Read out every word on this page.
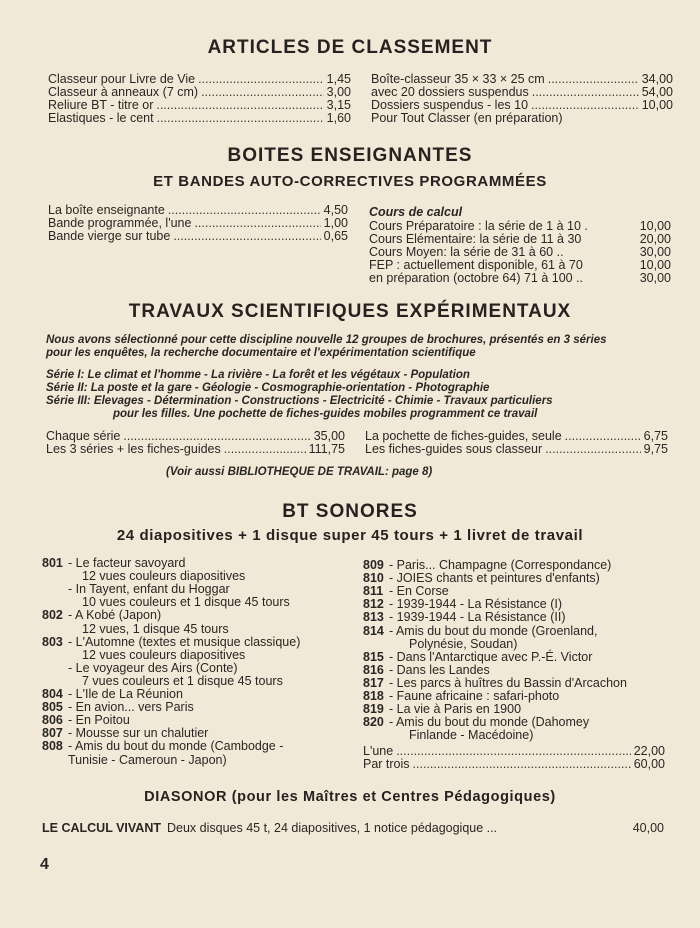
ARTICLES DE CLASSEMENT
Classeur pour Livre de Vie .....	1,45
Classeur à anneaux (7 cm) .....	3,00
Reliure BT - titre or .....	3,15
Elastiques - le cent .....	1,60
Boîte-classeur 35 × 33 × 25 cm .....	34,00
avec 20 dossiers suspendus .....	54,00
Dossiers suspendus - les 10 .....	10,00
Pour Tout Classer (en préparation)
BOITES ENSEIGNANTES
ET BANDES AUTO-CORRECTIVES PROGRAMMÉES
La boîte enseignante .....	4,50
Bande programmée, l'une .....	1,00
Bande vierge sur tube .....	0,65
Cours de calcul
Cours Préparatoire : la série de 1 à 10 .	10,00
Cours Elémentaire: la série de 11 à 30	20,00
Cours Moyen: la série de 31 à 60 ..	30,00
FEP : actuellement disponible, 61 à 70	10,00
en préparation (octobre 64) 71 à 100 ..	30,00
TRAVAUX SCIENTIFIQUES EXPÉRIMENTAUX
Nous avons sélectionné pour cette discipline nouvelle 12 groupes de brochures, présentés en 3 séries
pour les enquêtes, la recherche documentaire et l'expérimentation scientifique
Série I: Le climat et l'homme - La rivière - La forêt et les végétaux - Population
Série II: La poste et la gare - Géologie - Cosmographie-orientation - Photographie
Série III: Elevages - Détermination - Constructions - Electricité - Chimie - Travaux particuliers
pour les filles. Une pochette de fiches-guides mobiles programment ce travail
Chaque série .....	35,00
Les 3 séries + les fiches-guides .....	111,75
La pochette de fiches-guides, seule .....	6,75
Les fiches-guides sous classeur .....	9,75
(Voir aussi BIBLIOTHEQUE DE TRAVAIL: page 8)
BT SONORES
24 diapositives + 1 disque super 45 tours + 1 livret de travail
801 - Le facteur savoyard
12 vues couleurs diapositives
- In Tayent, enfant du Hoggar
10 vues couleurs et 1 disque 45 tours
802 - A Kobé (Japon)
12 vues, 1 disque 45 tours
803 - L'Automne (textes et musique classique)
12 vues couleurs diapositives
- Le voyageur des Airs (Conte)
7 vues couleurs et 1 disque 45 tours
804 - L'Ile de La Réunion
805 - En avion... vers Paris
806 - En Poitou
807 - Mousse sur un chalutier
808 - Amis du bout du monde (Cambodge -
Tunisie - Cameroun - Japon)
809 - Paris... Champagne (Correspondance)
810 - JOIES chants et peintures d'enfants)
811 - En Corse
812 - 1939-1944 - La Résistance (I)
813 - 1939-1944 - La Résistance (II)
814 - Amis du bout du monde (Groenland,
Polynésie, Soudan)
815 - Dans l'Antarctique avec P.-É. Victor
816 - Dans les Landes
817 - Les parcs à huîtres du Bassin d'Arcachon
818 - Faune africaine : safari-photo
819 - La vie à Paris en 1900
820 - Amis du bout du monde (Dahomey
Finlande - Macédoine)
L'une .....	22,00
Par trois .....	60,00
DIASONOR (pour les Maîtres et Centres Pédagogiques)
LE CALCUL VIVANT Deux disques 45 t, 24 diapositives, 1 notice pédagogique ...	40,00
4
